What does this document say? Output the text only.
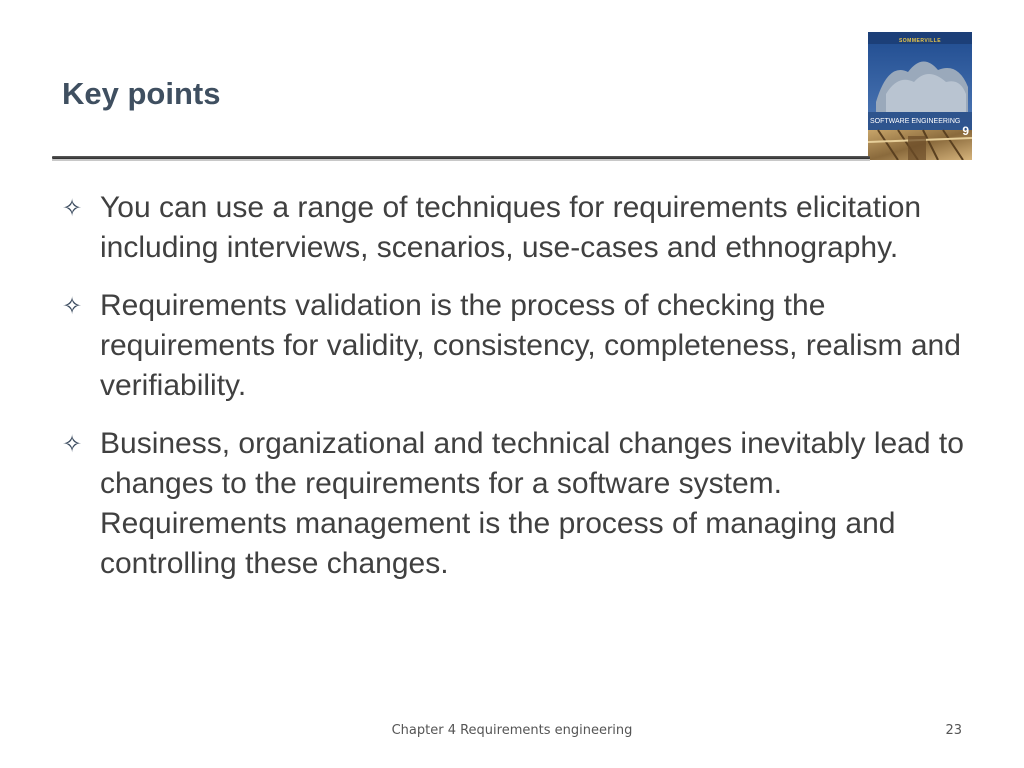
Key points
SOMMERVILLE
SOFTWARE ENGINEERING
9
✧ You can use a range of techniques for requirements elicitation including interviews, scenarios, use-cases and ethnography.
✧ Requirements validation is the process of checking the requirements for validity, consistency, completeness, realism and verifiability.
✧ Business, organizational and technical changes inevitably lead to changes to the requirements for a software system. Requirements management is the process of managing and controlling these changes.
Chapter 4 Requirements engineering	23
